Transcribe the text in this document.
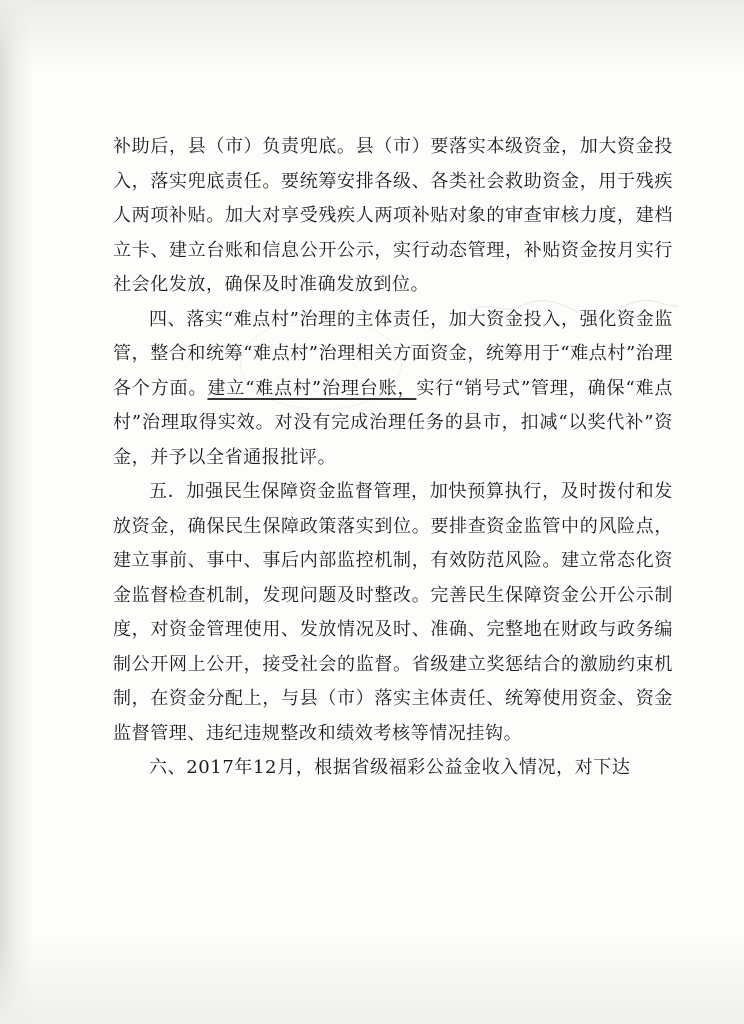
补助后，县（市）负责兜底。县（市）要落实本级资金，加大资金投入，落实兜底责任。要统筹安排各级、各类社会救助资金，用于残疾人两项补贴。加大对享受残疾人两项补贴对象的审查审核力度，建档立卡、建立台账和信息公开公示，实行动态管理，补贴资金按月实行社会化发放，确保及时准确发放到位。

四、落实“难点村”治理的主体责任，加大资金投入，强化资金监管，整合和统筹“难点村”治理相关方面资金，统筹用于“难点村”治理各个方面。建立“难点村”治理台账，实行“销号式”管理，确保“难点村”治理取得实效。对没有完成治理任务的县市，扣减“以奖代补”资金，并予以全省通报批评。

五．加强民生保障资金监督管理，加快预算执行，及时拨付和发放资金，确保民生保障政策落实到位。要排查资金监管中的风险点，建立事前、事中、事后内部监控机制，有效防范风险。建立常态化资金监督检查机制，发现问题及时整改。完善民生保障资金公开公示制度，对资金管理使用、发放情况及时、准确、完整地在财政与政务编制公开网上公开，接受社会的监督。省级建立奖惩结合的激励约束机制，在资金分配上，与县（市）落实主体责任、统筹使用资金、资金监督管理、违纪违规整改和绩效考核等情况挂钩。

六、2017年12月，根据省级福彩公益金收入情况，对下达
